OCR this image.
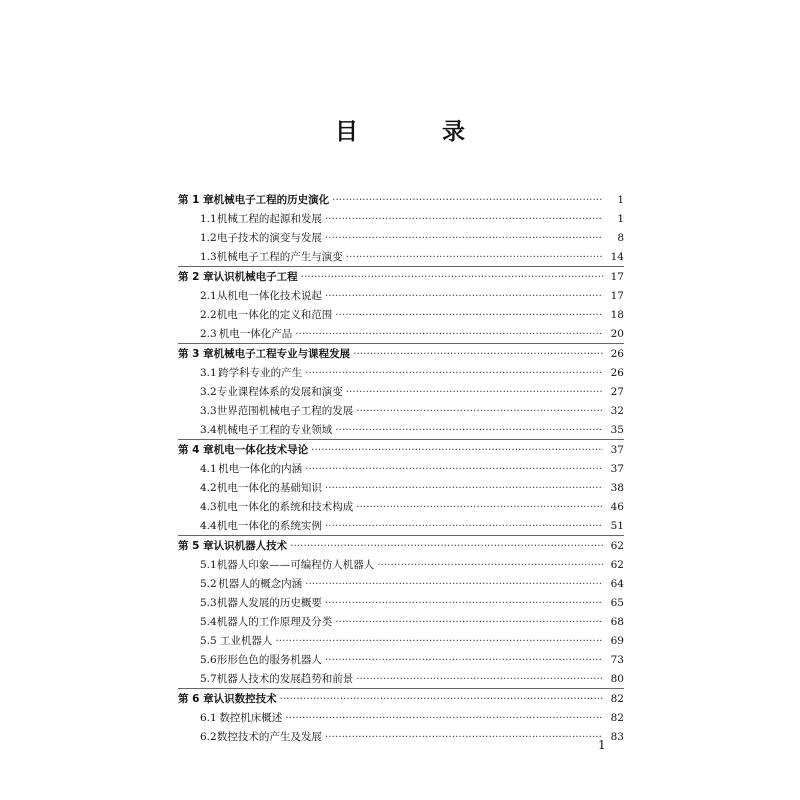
目 录
第 1 章 机械电子工程的历史演化 ·····	1
1.1 机械工程的起源和发展 ·····	1
1.2 电子技术的演变与发展 ·····	8
1.3 机械电子工程的产生与演变 ·····	14
第 2 章 认识机械电子工程 ·····	17
2.1 从机电一体化技术说起 ·····	17
2.2 机电一体化的定义和范围 ·····	18
2.3 机电一体化产品 ·····	20
第 3 章 机械电子工程专业与课程发展 ·····	26
3.1 跨学科专业的产生 ·····	26
3.2 专业课程体系的发展和演变 ·····	27
3.3 世界范围机械电子工程的发展 ·····	32
3.4 机械电子工程的专业领域 ·····	35
第 4 章 机电一体化技术导论 ·····	37
4.1 机电一体化的内涵 ·····	37
4.2 机电一体化的基础知识 ·····	38
4.3 机电一体化的系统和技术构成 ·····	46
4.4 机电一体化的系统实例 ·····	51
第 5 章 认识机器人技术 ·····	62
5.1 机器人印象——可编程仿人机器人 ·····	62
5.2 机器人的概念内涵 ·····	64
5.3 机器人发展的历史概要 ·····	65
5.4 机器人的工作原理及分类 ·····	68
5.5 工业机器人 ·····	69
5.6 形形色色的服务机器人 ·····	73
5.7 机器人技术的发展趋势和前景 ·····	80
第 6 章 认识数控技术 ·····	82
6.1 数控机床概述 ·····	82
6.2 数控技术的产生及发展 ·····	83
1
